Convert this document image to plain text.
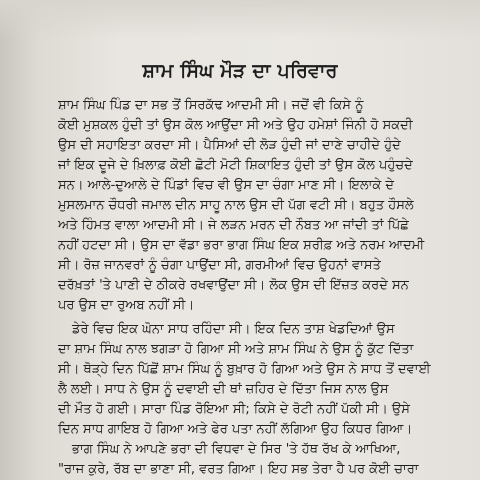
ਸ਼ਾਮ ਸਿੰਘ ਮੌੜ ਦਾ ਪਰਿਵਾਰ
ਸ਼ਾਮ ਸਿੰਘ ਪਿੰਡ ਦਾ ਸਭ ਤੋਂ ਸਿਰਕੱਢ ਆਦਮੀ ਸੀ। ਜਦੋਂ ਵੀ ਕਿਸੇ ਨੂੰ
ਕੋਈ ਮੁਸ਼ਕਲ ਹੁੰਦੀ ਤਾਂ ਉਸ ਕੋਲ ਆਉਂਦਾ ਸੀ ਅਤੇ ਉਹ ਹਮੇਸ਼ਾਂ ਜਿੰਨੀ ਹੋ ਸਕਦੀ
ਉਸ ਦੀ ਸਹਾਇਤਾ ਕਰਦਾ ਸੀ। ਪੈਸਿਆਂ ਦੀ ਲੋੜ ਹੁੰਦੀ ਜਾਂ ਦਾਣੇ ਚਾਹੀਦੇ ਹੁੰਦੇ
ਜਾਂ ਇਕ ਦੂਜੇ ਦੇ ਖ਼ਿਲਾਫ਼ ਕੋਈ ਛੋਟੀ ਮੋਟੀ ਸ਼ਿਕਾਇਤ ਹੁੰਦੀ ਤਾਂ ਉਸ ਕੋਲ ਪਹੁੰਚਦੇ
ਸਨ। ਆਲੇ-ਦੁਆਲੇ ਦੇ ਪਿੰਡਾਂ ਵਿਚ ਵੀ ਉਸ ਦਾ ਚੰਗਾ ਮਾਣ ਸੀ। ਇਲਾਕੇ ਦੇ
ਮੁਸਲਮਾਨ ਚੌਧਰੀ ਜਮਾਲ ਦੀਨ ਸਾਹੂ ਨਾਲ ਉਸ ਦੀ ਪੱਗ ਵਟੀ ਸੀ। ਬਹੁਤ ਹੌਸਲੇ
ਅਤੇ ਹਿੰਮਤ ਵਾਲਾ ਆਦਮੀ ਸੀ। ਜੇ ਲੜਨ ਮਰਨ ਦੀ ਨੌਬਤ ਆ ਜਾਂਦੀ ਤਾਂ ਪਿੱਛੇ
ਨਹੀਂ ਹਟਦਾ ਸੀ। ਉਸ ਦਾ ਵੱਡਾ ਭਰਾ ਭਾਗ ਸਿੰਘ ਇਕ ਸ਼ਰੀਫ਼ ਅਤੇ ਨਰਮ ਆਦਮੀ
ਸੀ। ਰੋਜ਼ ਜਾਨਵਰਾਂ ਨੂੰ ਚੰਗਾ ਪਾਉਂਦਾ ਸੀ, ਗਰਮੀਆਂ ਵਿਚ ਉਹਨਾਂ ਵਾਸਤੇ
ਦਰੱਖ਼ਤਾਂ 'ਤੇ ਪਾਣੀ ਦੇ ਠੀਕਰੇ ਰਖਵਾਉਂਦਾ ਸੀ। ਲੋਕ ਉਸ ਦੀ ਇੱਜ਼ਤ ਕਰਦੇ ਸਨ
ਪਰ ਉਸ ਦਾ ਰੁਅਬ ਨਹੀਂ ਸੀ।
ਡੇਰੇ ਵਿਚ ਇਕ ਘੋਨਾ ਸਾਧ ਰਹਿੰਦਾ ਸੀ। ਇਕ ਦਿਨ ਤਾਸ਼ ਖੇਡਦਿਆਂ ਉਸ
ਦਾ ਸ਼ਾਮ ਸਿੰਘ ਨਾਲ ਝਗੜਾ ਹੋ ਗਿਆ ਸੀ ਅਤੇ ਸ਼ਾਮ ਸਿੰਘ ਨੇ ਉਸ ਨੂੰ ਕੁੱਟ ਦਿੱਤਾ
ਸੀ। ਥੋੜ੍ਹੇ ਦਿਨ ਪਿੱਛੋਂ ਸ਼ਾਮ ਸਿੰਘ ਨੂੰ ਬੁਖ਼ਾਰ ਹੋ ਗਿਆ ਅਤੇ ਉਸ ਨੇ ਸਾਧ ਤੋਂ ਦਵਾਈ
ਲੈ ਲਈ। ਸਾਧ ਨੇ ਉਸ ਨੂੰ ਦਵਾਈ ਦੀ ਥਾਂ ਜ਼ਹਿਰ ਦੇ ਦਿੱਤਾ ਜਿਸ ਨਾਲ ਉਸ
ਦੀ ਮੌਤ ਹੋ ਗਈ। ਸਾਰਾ ਪਿੰਡ ਰੋਇਆ ਸੀ; ਕਿਸੇ ਦੇ ਰੋਟੀ ਨਹੀਂ ਪੱਕੀ ਸੀ। ਉਸੇ
ਦਿਨ ਸਾਧ ਗਾਇਬ ਹੋ ਗਿਆ ਅਤੇ ਫੇਰ ਪਤਾ ਨਹੀਂ ਲੱਗਿਆ ਉਹ ਕਿਧਰ ਗਿਆ।
ਭਾਗ ਸਿੰਘ ਨੇ ਆਪਣੇ ਭਰਾ ਦੀ ਵਿਧਵਾ ਦੇ ਸਿਰ 'ਤੇ ਹੱਥ ਰੱਖ ਕੇ ਆਖਿਆ,
"ਰਾਜ ਕੁਰੇ, ਰੱਬ ਦਾ ਭਾਣਾ ਸੀ, ਵਰਤ ਗਿਆ। ਇਹ ਸਭ ਤੇਰਾ ਹੈ ਪਰ ਕੋਈ ਚਾਰਾ
